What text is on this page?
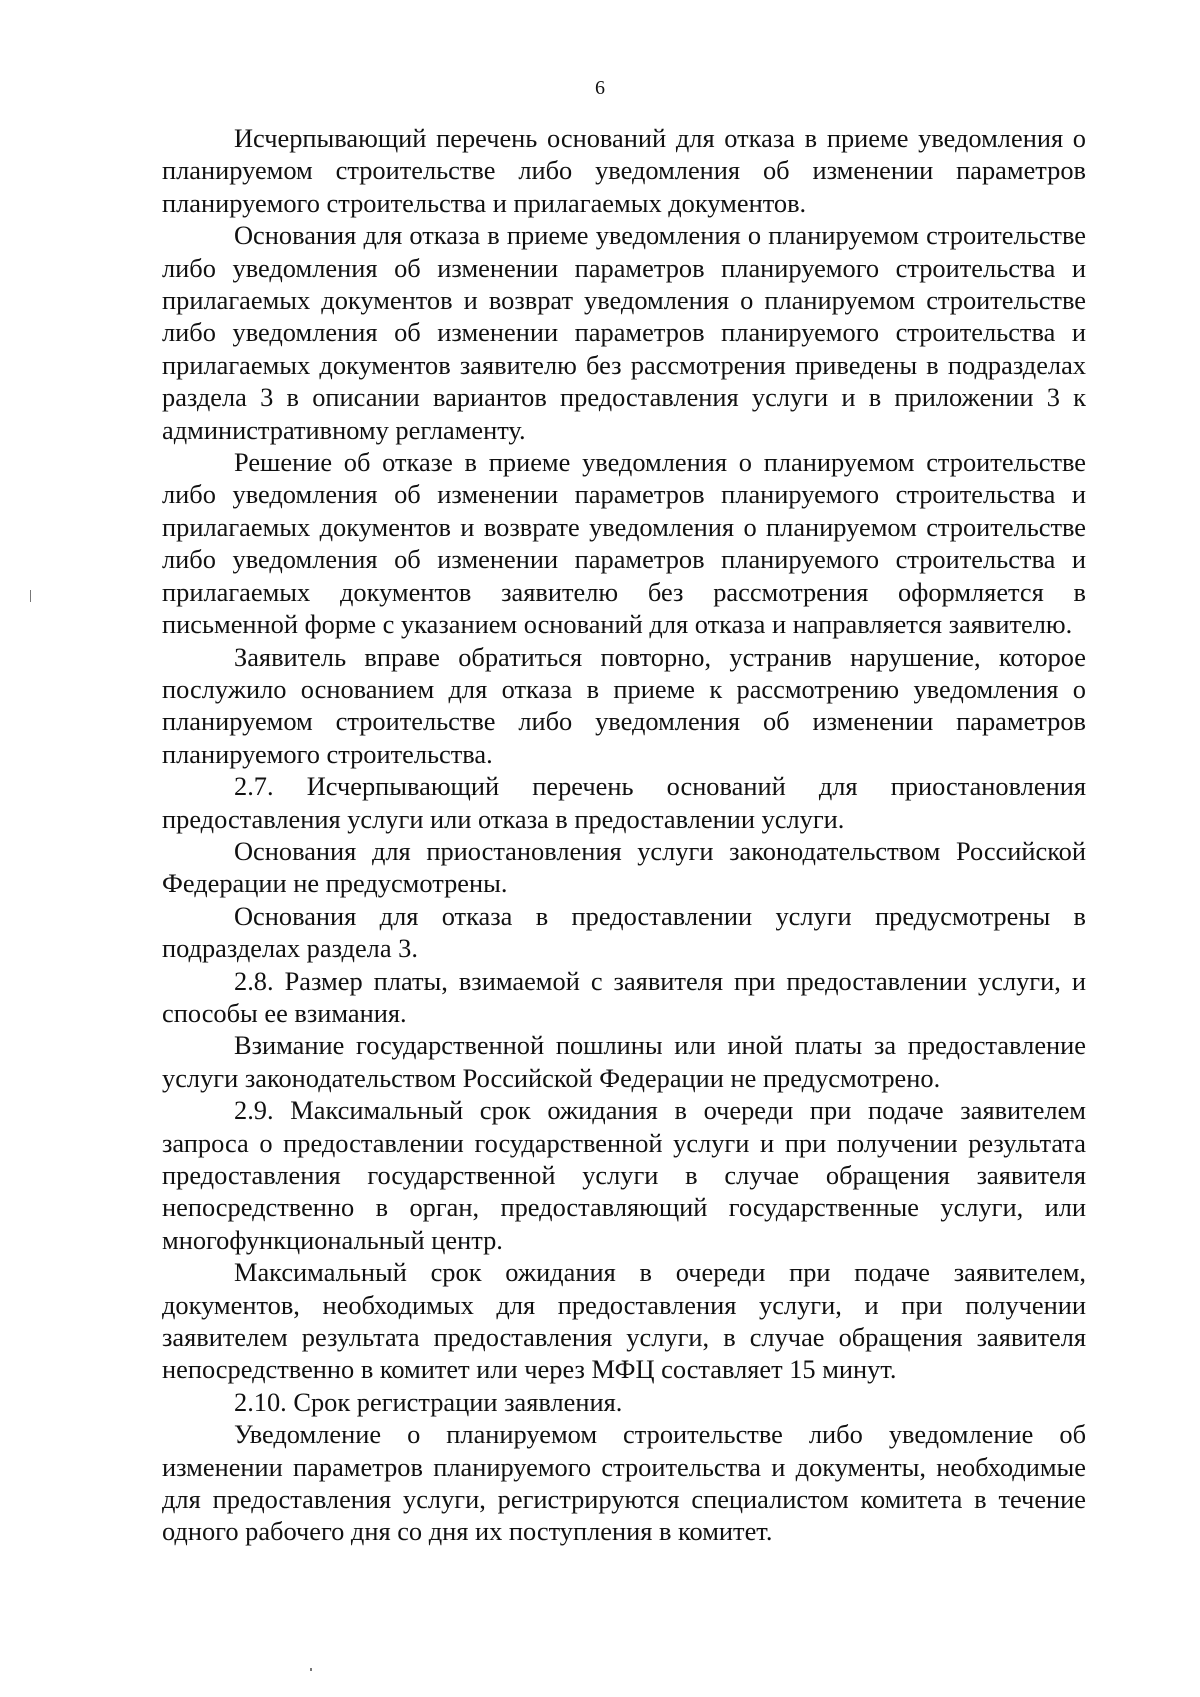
6

Исчерпывающий перечень оснований для отказа в приеме уведомления о планируемом строительстве либо уведомления об изменении параметров планируемого строительства и прилагаемых документов.

Основания для отказа в приеме уведомления о планируемом строительстве либо уведомления об изменении параметров планируемого строительства и прилагаемых документов и возврат уведомления о планируемом строительстве либо уведомления об изменении параметров планируемого строительства и прилагаемых документов заявителю без рассмотрения приведены в подразделах раздела 3 в описании вариантов предоставления услуги и в приложении 3 к административному регламенту.

Решение об отказе в приеме уведомления о планируемом строительстве либо уведомления об изменении параметров планируемого строительства и прилагаемых документов и возврате уведомления о планируемом строительстве либо уведомления об изменении параметров планируемого строительства и прилагаемых документов заявителю без рассмотрения оформляется в письменной форме с указанием оснований для отказа и направляется заявителю.

Заявитель вправе обратиться повторно, устранив нарушение, которое послужило основанием для отказа в приеме к рассмотрению уведомления о планируемом строительстве либо уведомления об изменении параметров планируемого строительства.

2.7. Исчерпывающий перечень оснований для приостановления предоставления услуги или отказа в предоставлении услуги.

Основания для приостановления услуги законодательством Российской Федерации не предусмотрены.

Основания для отказа в предоставлении услуги предусмотрены в подразделах раздела 3.

2.8. Размер платы, взимаемой с заявителя при предоставлении услуги, и способы ее взимания.

Взимание государственной пошлины или иной платы за предоставление услуги законодательством Российской Федерации не предусмотрено.

2.9. Максимальный срок ожидания в очереди при подаче заявителем запроса о предоставлении государственной услуги и при получении результата предоставления государственной услуги в случае обращения заявителя непосредственно в орган, предоставляющий государственные услуги, или многофункциональный центр.

Максимальный срок ожидания в очереди при подаче заявителем, документов, необходимых для предоставления услуги, и при получении заявителем результата предоставления услуги, в случае обращения заявителя непосредственно в комитет или через МФЦ составляет 15 минут.

2.10. Срок регистрации заявления.

Уведомление о планируемом строительстве либо уведомление об изменении параметров планируемого строительства и документы, необходимые для предоставления услуги, регистрируются специалистом комитета в течение одного рабочего дня со дня их поступления в комитет.
